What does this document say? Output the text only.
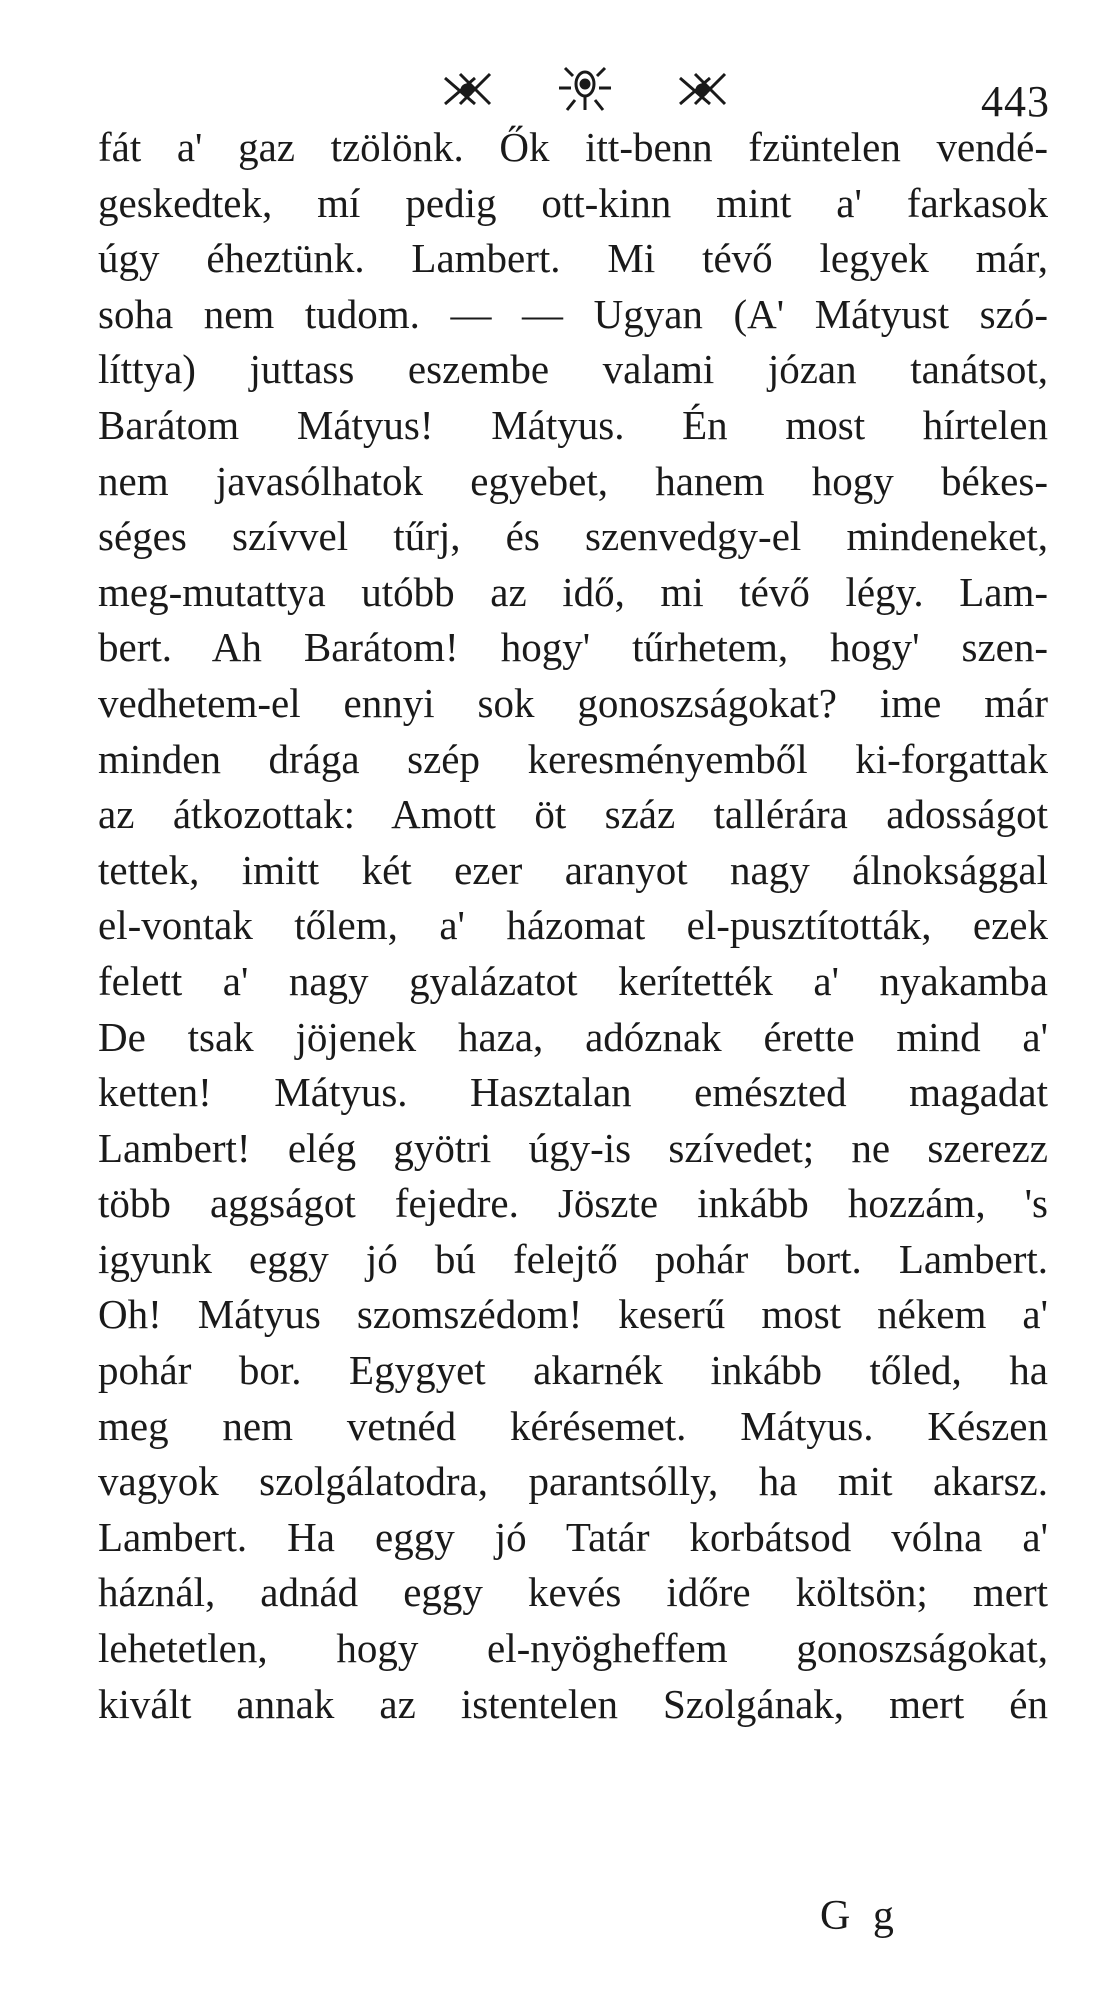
443
fát a' gaz tzölönk. Ők itt-benn fzüntelen vendé-
geskedtek, mí pedig ott-kinn mint a' farkasok
úgy éheztünk. Lambert. Mi tévő legyek már,
soha nem tudom. — — Ugyan (A' Mátyust szó-
líttya) juttass eszembe valami józan tanátsot,
Barátom Mátyus! Mátyus. Én most hírtelen
nem javasólhatok egyebet, hanem hogy békes-
séges szívvel tűrj, és szenvedgy-el mindeneket,
meg-mutattya utóbb az idő, mi tévő légy. Lam-
bert. Ah Barátom! hogy' tűrhetem, hogy' szen-
vedhetem-el ennyi sok gonoszságokat? ime már
minden drága szép keresményemből ki-forgattak
az átkozottak: Amott öt száz tallérára adosságot
tettek, imitt két ezer aranyot nagy álnoksággal
el-vontak tőlem, a' házomat el-pusztították, ezek
felett a' nagy gyalázatot kerítették a' nyakamba
De tsak jöjenek haza, adóznak érette mind a'
ketten! Mátyus. Hasztalan emészted magadat
Lambert! elég gyötri úgy-is szívedet; ne szerezz
több aggságot fejedre. Jöszte inkább hozzám, 's
igyunk eggy jó bú felejtő pohár bort. Lambert.
Oh! Mátyus szomszédom! keserű most nékem a'
pohár bor. Egygyet akarnék inkább tőled, ha
meg nem vetnéd kérésemet. Mátyus. Készen
vagyok szolgálatodra, parantsólly, ha mit akarsz.
Lambert. Ha eggy jó Tatár korbátsod vólna a'
háznál, adnád eggy kevés időre költsön; mert
lehetetlen, hogy el-nyögheffem gonoszságokat,
kivált annak az istentelen Szolgának, mert én
G g
